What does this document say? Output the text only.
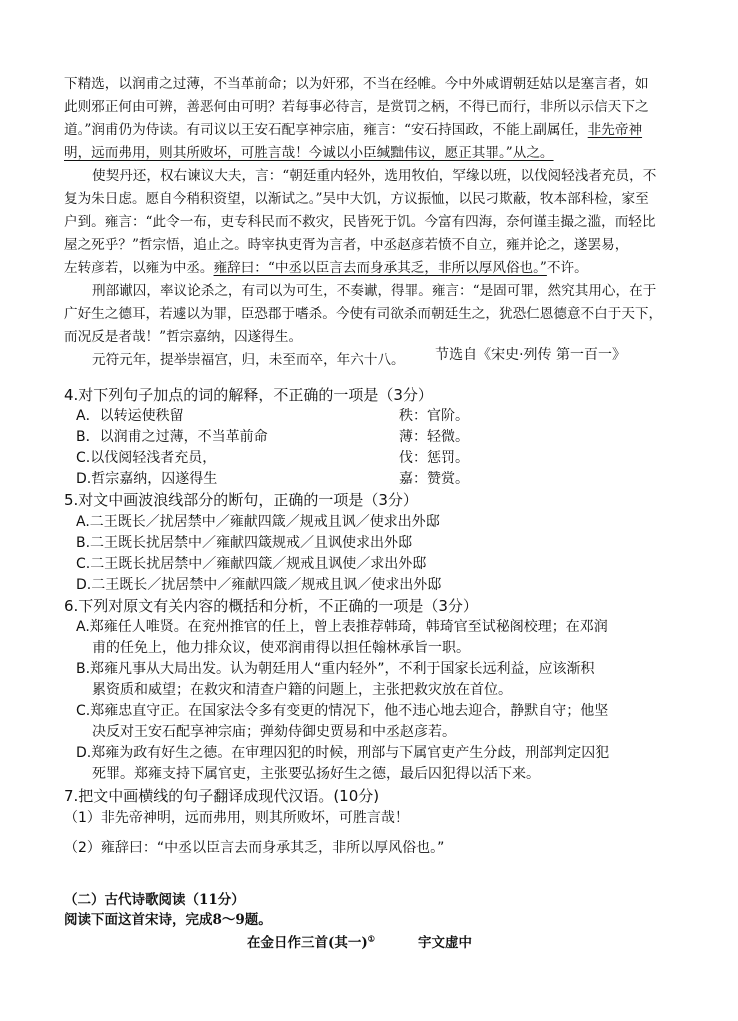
下精选，以润甫之过薄，不当革前命；以为奸邪，不当在经帷。今中外咸谓朝廷姑以是塞言者，如
此则邪正何由可辨，善恶何由可明？若每事必待言，是赏罚之柄，不得已而行，非所以示信天下之
道。”润甫仍为侍读。有司议以王安石配享神宗庙，雍言：“安石持国政，不能上副属任，非先帝神
明，远而弗用，则其所败坏，可胜言哉！今诚以小臣缄黜伟议，愿正其罪。”从之。
使契丹还，权右谏议大夫，言：“朝廷重内轻外，选用牧伯，罕缘以班，以伐阅轻浅者充员，不
复为朱日虑。愿自今稍积资望，以渐试之。”吴中大饥，方议振恤，以民刁欺蔽，牧本部科检，家至
户到。雍言：“此令一布，吏专科民而不救灾，民皆死于饥。今富有四海，奈何谨圭撮之滥，而轻比
屋之死乎？”哲宗悟，追止之。時宰执吏胥为言者，中丞赵彦若愤不自立，雍并论之，遂罢易，
左转彦若，以雍为中丞。雍辞曰：“中丞以臣言去而身承其乏，非所以厚风俗也。”不许。
刑部谳囚，率议论杀之，有司以为可生，不奏谳，得罪。雍言：“是固可罪，然究其用心，在于
广好生之德耳，若遽以为罪，臣恐郡于嗜杀。今使有司欲杀而朝廷生之，犹恐仁恩德意不白于天下，
而况反是者哉！”哲宗嘉纳，囚遂得生。
元符元年，提举崇福宫，归，未至而卒，年六十八。 节选自《宋史·列传 第一百一》
4.对下列句子加点的词的解释，不正确的一项是（3分）
A．以转运使秩留	秩：官阶。
B．以润甫之过薄，不当革前命	薄：轻微。
C.以伐阅轻浅者充员，	伐：惩罚。
D.哲宗嘉纳，囚遂得生	嘉：赞赏。
5.对文中画波浪线部分的断句，正确的一项是（3分）
A.二王既长／扰居禁中／雍献四箴／规戒且讽／使求出外邸
B.二王既长扰居禁中／雍献四箴规戒／且讽使求出外邸
C.二王既长扰居禁中／雍献四箴／规戒且讽使／求出外邸
D.二王既长／扰居禁中／雍献四箴／规戒且讽／使求出外邸
6.下列对原文有关内容的概括和分析，不正确的一项是（3分）
A.郑雍任人唯贤。在兖州推官的任上，曾上表推荐韩琦，韩琦官至试秘阁校理；在邓润
甫的任免上，他力排众议，使邓润甫得以担任翰林承旨一职。
B.郑雍凡事从大局出发。认为朝廷用人“重内轻外”，不利于国家长远利益，应该渐积
累资质和威望；在救灾和清查户籍的问题上，主张把救灾放在首位。
C.郑雍忠直守正。在国家法令多有变更的情况下，他不违心地去迎合，静默自守；他坚
决反对王安石配享神宗庙；弹劾侍御史贾易和中丞赵彦若。
D.郑雍为政有好生之德。在审理囚犯的时候，刑部与下属官吏产生分歧，刑部判定囚犯
死罪。郑雍支持下属官吏，主张要弘扬好生之德，最后囚犯得以活下来。
7.把文中画横线的句子翻译成现代汉语。(10分)
（1）非先帝神明，远而弗用，则其所败坏，可胜言哉！
（2）雍辞曰：“中丞以臣言去而身承其乏，非所以厚风俗也。”
（二）古代诗歌阅读（11分）
阅读下面这首宋诗，完成8～9题。
在金日作三首(其一)①	宇文虚中
